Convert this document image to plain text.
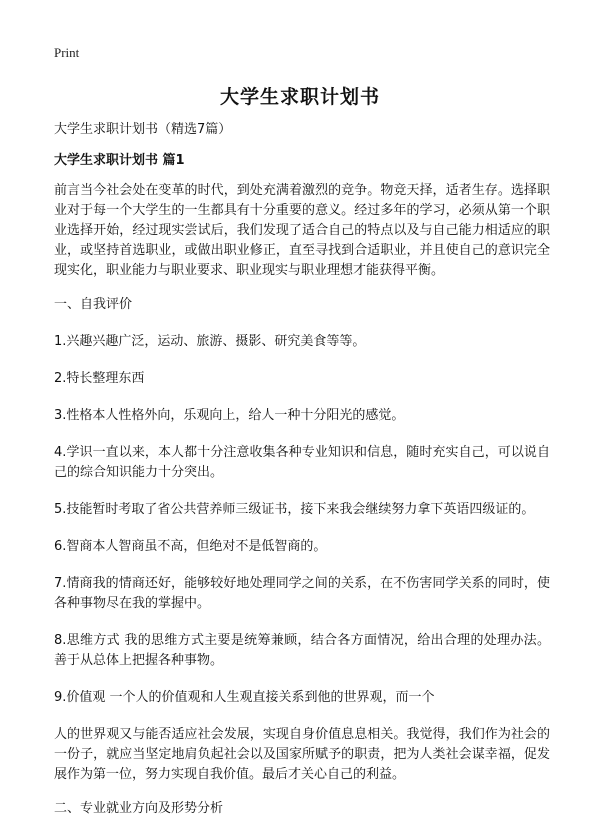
Print
大学生求职计划书

大学生求职计划书（精选7篇）

大学生求职计划书 篇1

前言当今社会处在变革的时代，到处充满着激烈的竞争。物竞天择，适者生存。选择职业对于每一个大学生的一生都具有十分重要的意义。经过多年的学习，必须从第一个职业选择开始，经过现实尝试后，我们发现了适合自己的特点以及与自己能力相适应的职业，或坚持首选职业，或做出职业修正，直至寻找到合适职业，并且使自己的意识完全现实化，职业能力与职业要求、职业现实与职业理想才能获得平衡。

一、自我评价

1.兴趣兴趣广泛，运动、旅游、摄影、研究美食等等。

2.特长整理东西

3.性格本人性格外向，乐观向上，给人一种十分阳光的感觉。

4.学识一直以来，本人都十分注意收集各种专业知识和信息，随时充实自己，可以说自己的综合知识能力十分突出。

5.技能暂时考取了省公共营养师三级证书，接下来我会继续努力拿下英语四级证的。

6.智商本人智商虽不高，但绝对不是低智商的。

7.情商我的情商还好，能够较好地处理同学之间的关系，在不伤害同学关系的同时，使各种事物尽在我的掌握中。

8.思维方式 我的思维方式主要是统筹兼顾，结合各方面情况，给出合理的处理办法。善于从总体上把握各种事物。

9.价值观 一个人的价值观和人生观直接关系到他的世界观，而一个

人的世界观又与能否适应社会发展，实现自身价值息息相关。我觉得，我们作为社会的一份子，就应当坚定地肩负起社会以及国家所赋予的职责，把为人类社会谋幸福，促发展作为第一位，努力实现自我价值。最后才关心自己的利益。

二、专业就业方向及形势分析
